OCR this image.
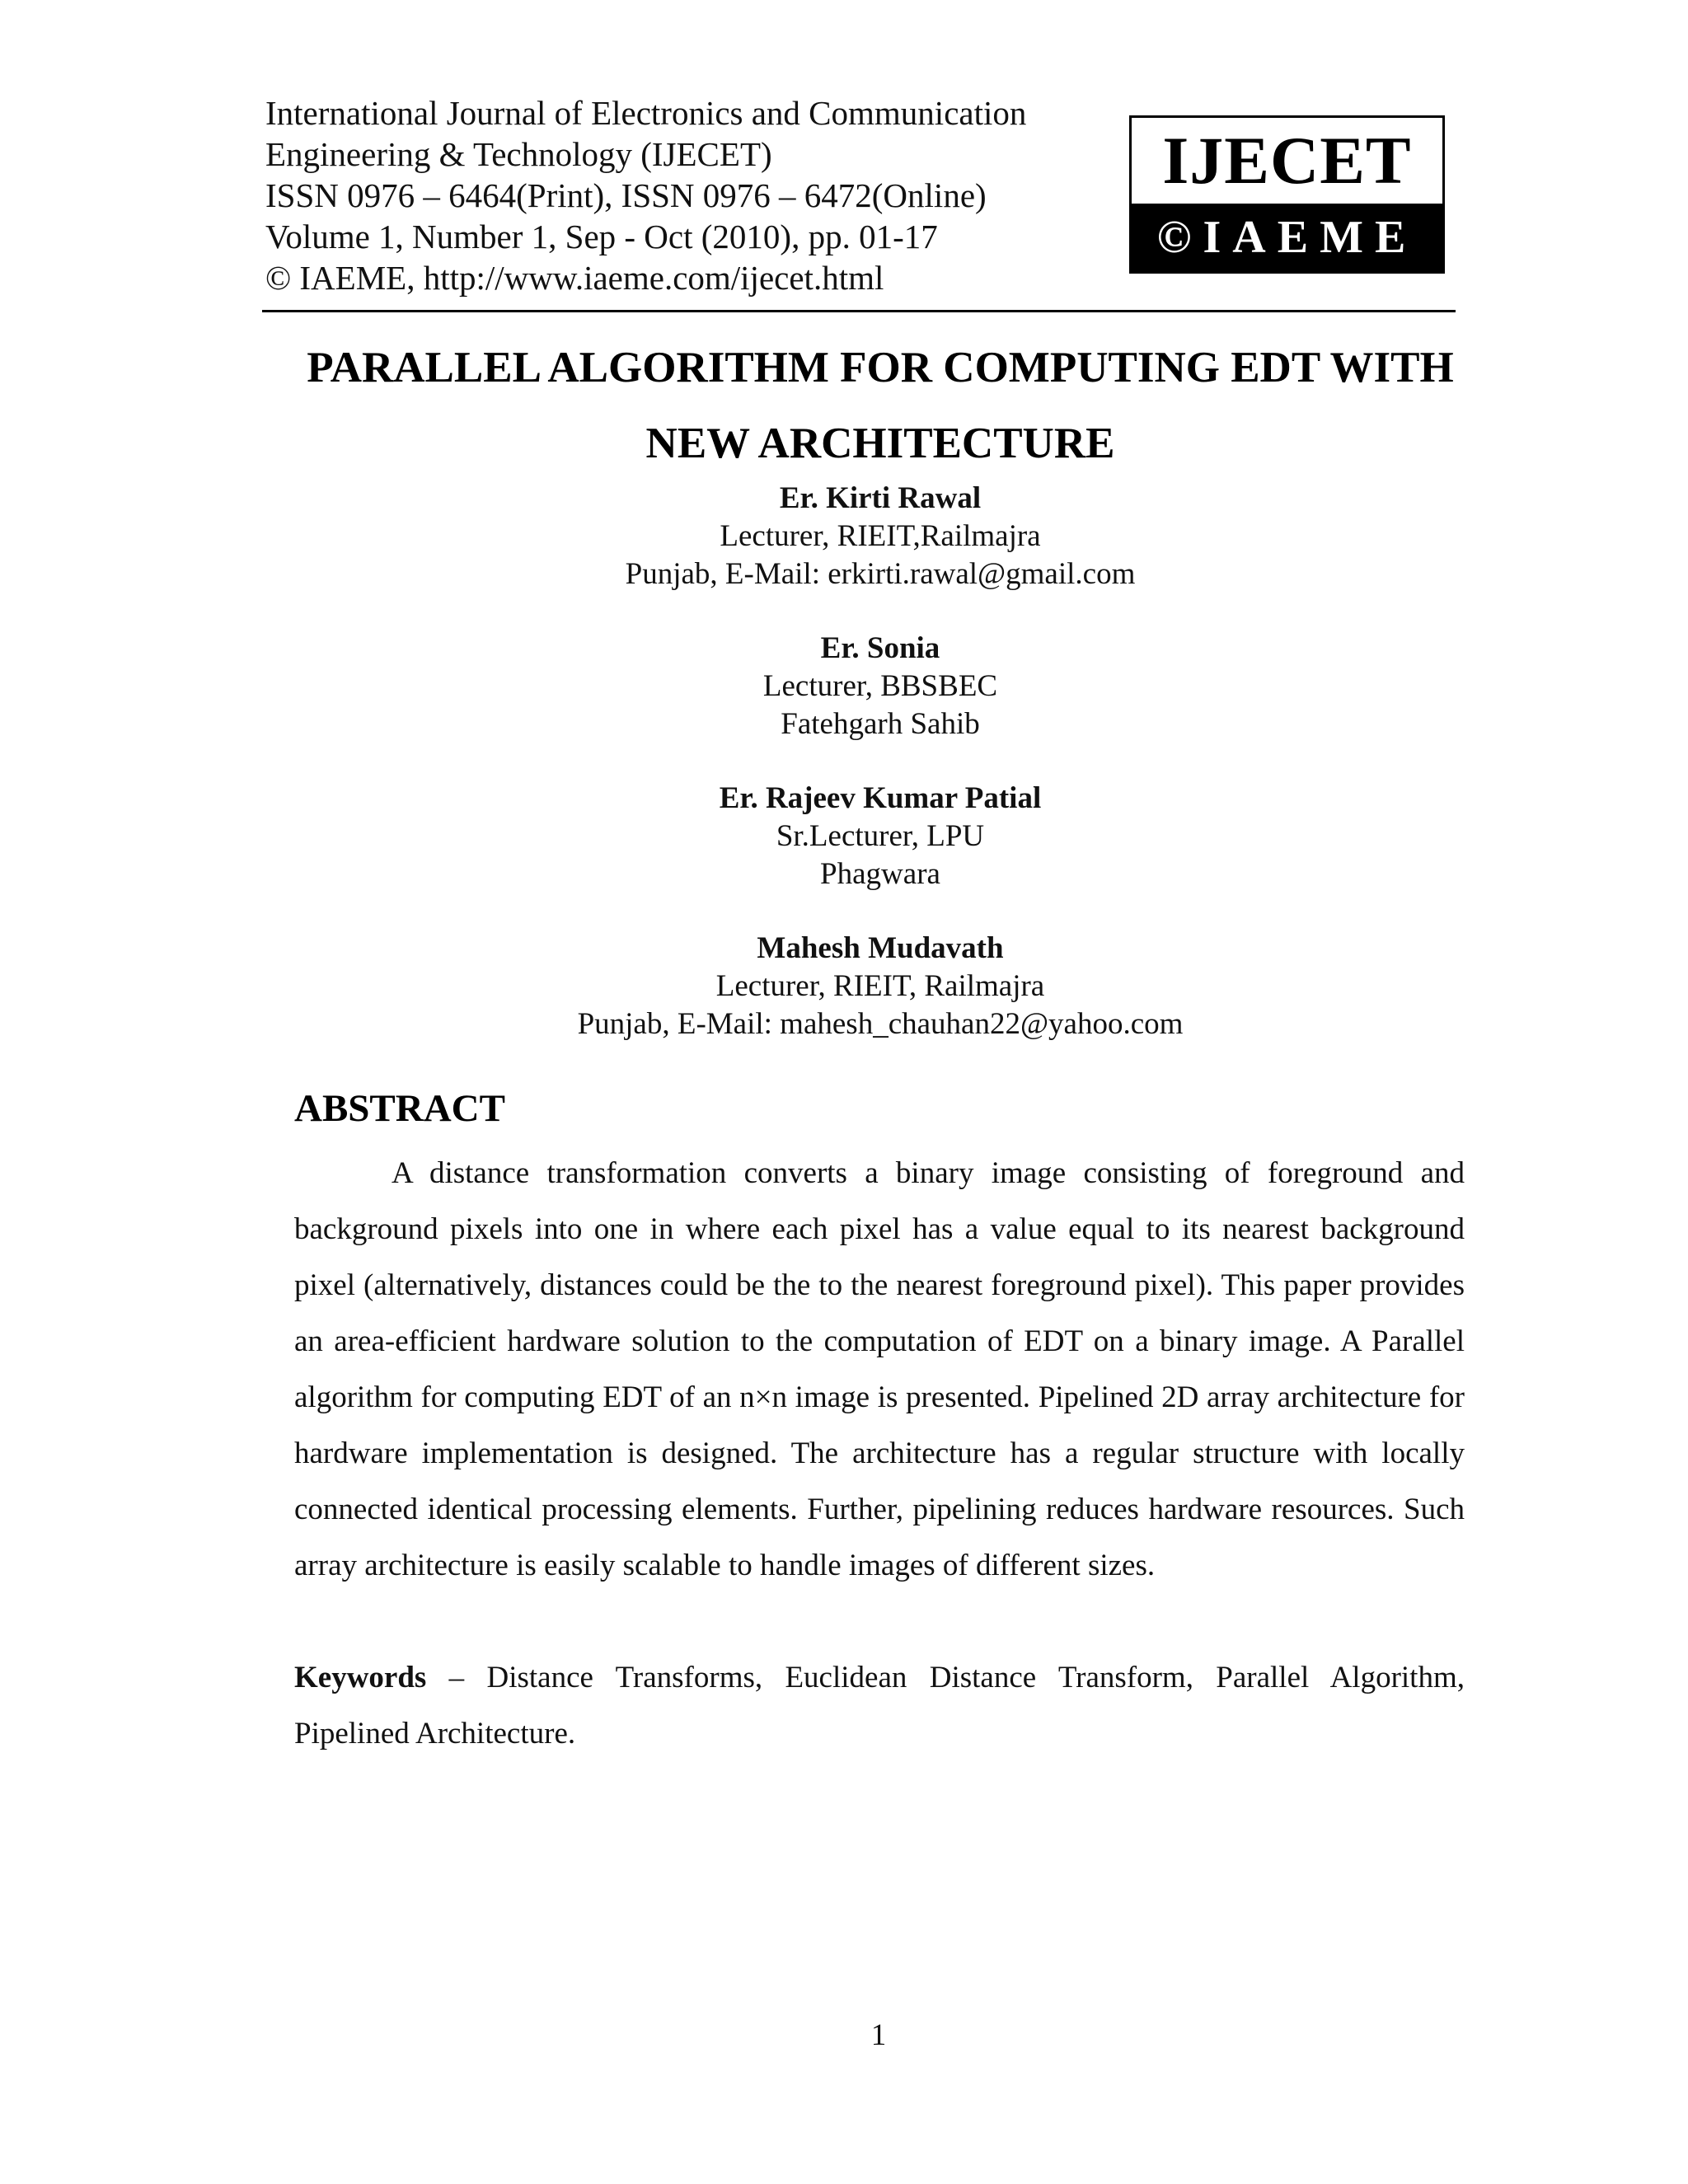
International Journal of Electronics and Communication
Engineering & Technology (IJECET)
ISSN 0976 – 6464(Print), ISSN 0976 – 6472(Online)
Volume 1, Number 1, Sep - Oct (2010), pp. 01-17
© IAEME, http://www.iaeme.com/ijecet.html
IJECET
©IAEME
PARALLEL ALGORITHM FOR COMPUTING EDT WITH
NEW ARCHITECTURE
Er. Kirti Rawal
Lecturer, RIEIT,Railmajra
Punjab, E-Mail: erkirti.rawal@gmail.com
Er. Sonia
Lecturer, BBSBEC
Fatehgarh Sahib
Er. Rajeev Kumar Patial
Sr.Lecturer, LPU
Phagwara
Mahesh Mudavath
Lecturer, RIEIT, Railmajra
Punjab, E-Mail: mahesh_chauhan22@yahoo.com
ABSTRACT
A distance transformation converts a binary image consisting of foreground and background pixels into one in where each pixel has a value equal to its nearest background pixel (alternatively, distances could be the to the nearest foreground pixel). This paper provides an area-efficient hardware solution to the computation of EDT on a binary image. A Parallel algorithm for computing EDT of an n×n image is presented. Pipelined 2D array architecture for hardware implementation is designed. The architecture has a regular structure with locally connected identical processing elements. Further, pipelining reduces hardware resources. Such array architecture is easily scalable to handle images of different sizes.
Keywords – Distance Transforms, Euclidean Distance Transform, Parallel Algorithm, Pipelined Architecture.
1
